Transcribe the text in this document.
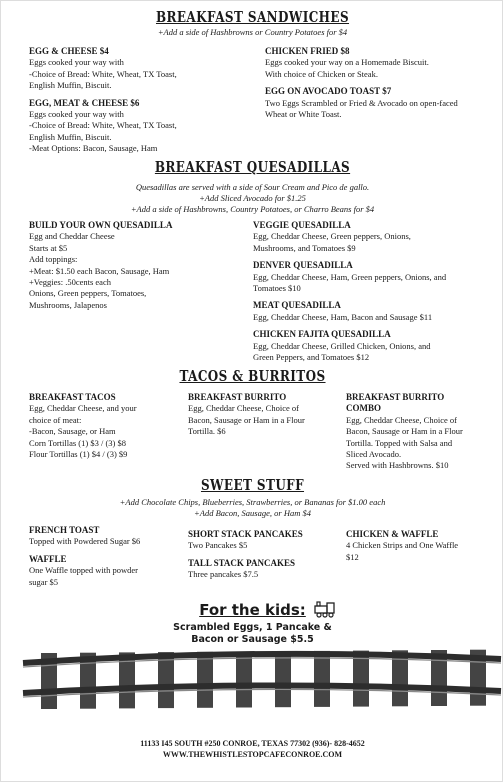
BREAKFAST SANDWICHES
+Add a side of Hashbrowns or Country Potatoes for $4
EGG & CHEESE $4
Eggs cooked your way with
-Choice of Bread: White, Wheat, TX Toast,
English Muffin, Biscuit.
EGG, MEAT & CHEESE $6
Eggs cooked your way with
-Choice of Bread: White, Wheat, TX Toast,
English Muffin, Biscuit.
-Meat Options: Bacon, Sausage, Ham
CHICKEN FRIED $8
Eggs cooked your way on a Homemade Biscuit.
With choice of Chicken or Steak.
EGG ON AVOCADO TOAST $7
Two Eggs Scrambled or Fried & Avocado on open-faced
Wheat or White Toast.
BREAKFAST QUESADILLAS
Quesadillas are served with a side of Sour Cream and Pico de gallo.
+Add Sliced Avocado for $1.25
+Add a side of Hashbrowns, Country Potatoes, or Charro Beans for $4
BUILD YOUR OWN QUESADILLA
Egg and Cheddar Cheese
Starts at $5
Add toppings:
+Meat: $1.50 each Bacon, Sausage, Ham
+Veggies: .50cents each
Onions, Green peppers, Tomatoes,
Mushrooms, Jalapenos
VEGGIE QUESADILLA
Egg, Cheddar Cheese, Green peppers, Onions,
Mushrooms, and Tomatoes $9
DENVER QUESADILLA
Egg, Cheddar Cheese, Ham, Green peppers, Onions, and
Tomatoes $10
MEAT QUESADILLA
Egg, Cheddar Cheese, Ham, Bacon and Sausage $11
CHICKEN FAJITA QUESADILLA
Egg, Cheddar Cheese, Grilled Chicken, Onions, and
Green Peppers, and Tomatoes $12
TACOS & BURRITOS
BREAKFAST TACOS
Egg, Cheddar Cheese, and your
choice of meat:
-Bacon, Sausage, or Ham
Corn Tortillas (1) $3 / (3) $8
Flour Tortillas (1) $4 / (3) $9
BREAKFAST BURRITO
Egg, Cheddar Cheese, Choice of
Bacon, Sausage or Ham in a Flour
Tortilla. $6
BREAKFAST BURRITO
COMBO
Egg, Cheddar Cheese, Choice of
Bacon, Sausage or Ham in a Flour
Tortilla. Topped with Salsa and
Sliced Avocado.
Served with Hashbrowns. $10
SWEET STUFF
+Add Chocolate Chips, Blueberries, Strawberries, or Bananas for $1.00 each
+Add Bacon, Sausage, or Ham $4
FRENCH TOAST
Topped with Powdered Sugar $6
WAFFLE
One Waffle topped with powder
sugar $5
SHORT STACK PANCAKES
Two Pancakes $5
TALL STACK PANCAKES
Three pancakes $7.5
CHICKEN & WAFFLE
4 Chicken Strips and One Waffle
$12
For the kids:
Scrambled Eggs, 1 Pancake &
Bacon or Sausage $5.5
11133 I45 SOUTH #250 CONROE, TEXAS 77302 (936)- 828-4652
WWW.THEWHISTLESTOPCAFECONROE.COM
